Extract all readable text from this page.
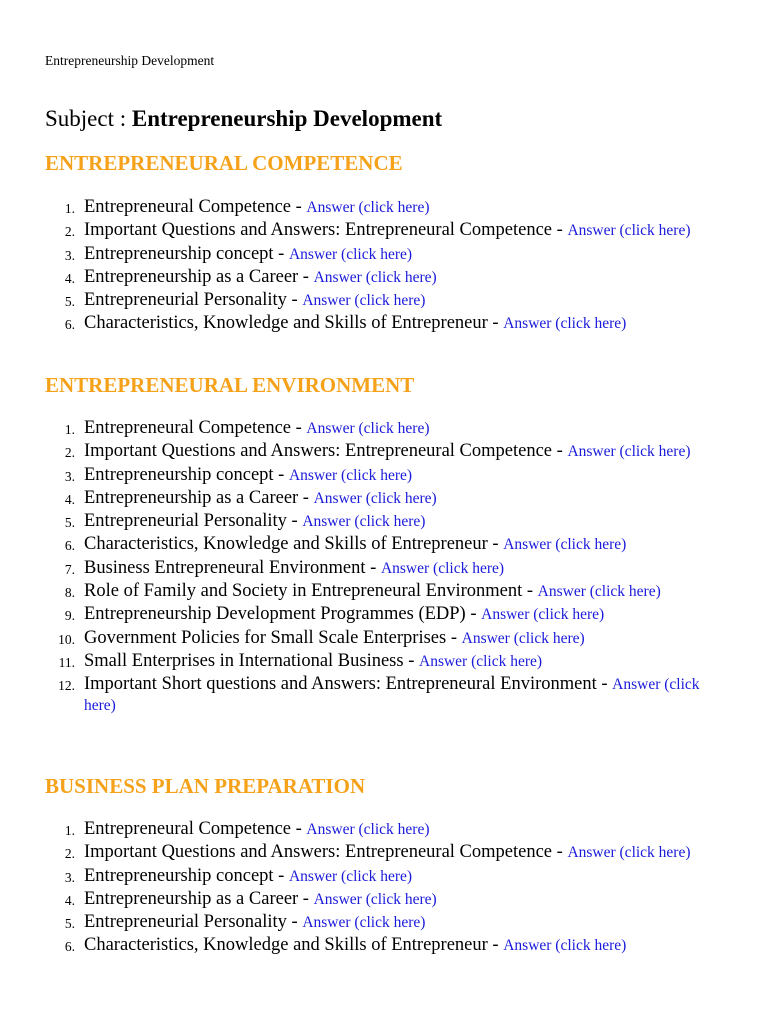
Entrepreneurship Development
Subject : Entrepreneurship Development
ENTREPRENEURAL COMPETENCE
1. Entrepreneural Competence - Answer (click here)
2. Important Questions and Answers: Entrepreneural Competence - Answer (click here)
3. Entrepreneurship concept - Answer (click here)
4. Entrepreneurship as a Career - Answer (click here)
5. Entrepreneurial Personality - Answer (click here)
6. Characteristics, Knowledge and Skills of Entrepreneur - Answer (click here)
ENTREPRENEURAL ENVIRONMENT
1. Entrepreneural Competence - Answer (click here)
2. Important Questions and Answers: Entrepreneural Competence - Answer (click here)
3. Entrepreneurship concept - Answer (click here)
4. Entrepreneurship as a Career - Answer (click here)
5. Entrepreneurial Personality - Answer (click here)
6. Characteristics, Knowledge and Skills of Entrepreneur - Answer (click here)
7. Business Entrepreneural Environment - Answer (click here)
8. Role of Family and Society in Entrepreneural Environment - Answer (click here)
9. Entrepreneurship Development Programmes (EDP) - Answer (click here)
10. Government Policies for Small Scale Enterprises - Answer (click here)
11. Small Enterprises in International Business - Answer (click here)
12. Important Short questions and Answers: Entrepreneural Environment - Answer (click here)
BUSINESS PLAN PREPARATION
1. Entrepreneural Competence - Answer (click here)
2. Important Questions and Answers: Entrepreneural Competence - Answer (click here)
3. Entrepreneurship concept - Answer (click here)
4. Entrepreneurship as a Career - Answer (click here)
5. Entrepreneurial Personality - Answer (click here)
6. Characteristics, Knowledge and Skills of Entrepreneur - Answer (click here)
